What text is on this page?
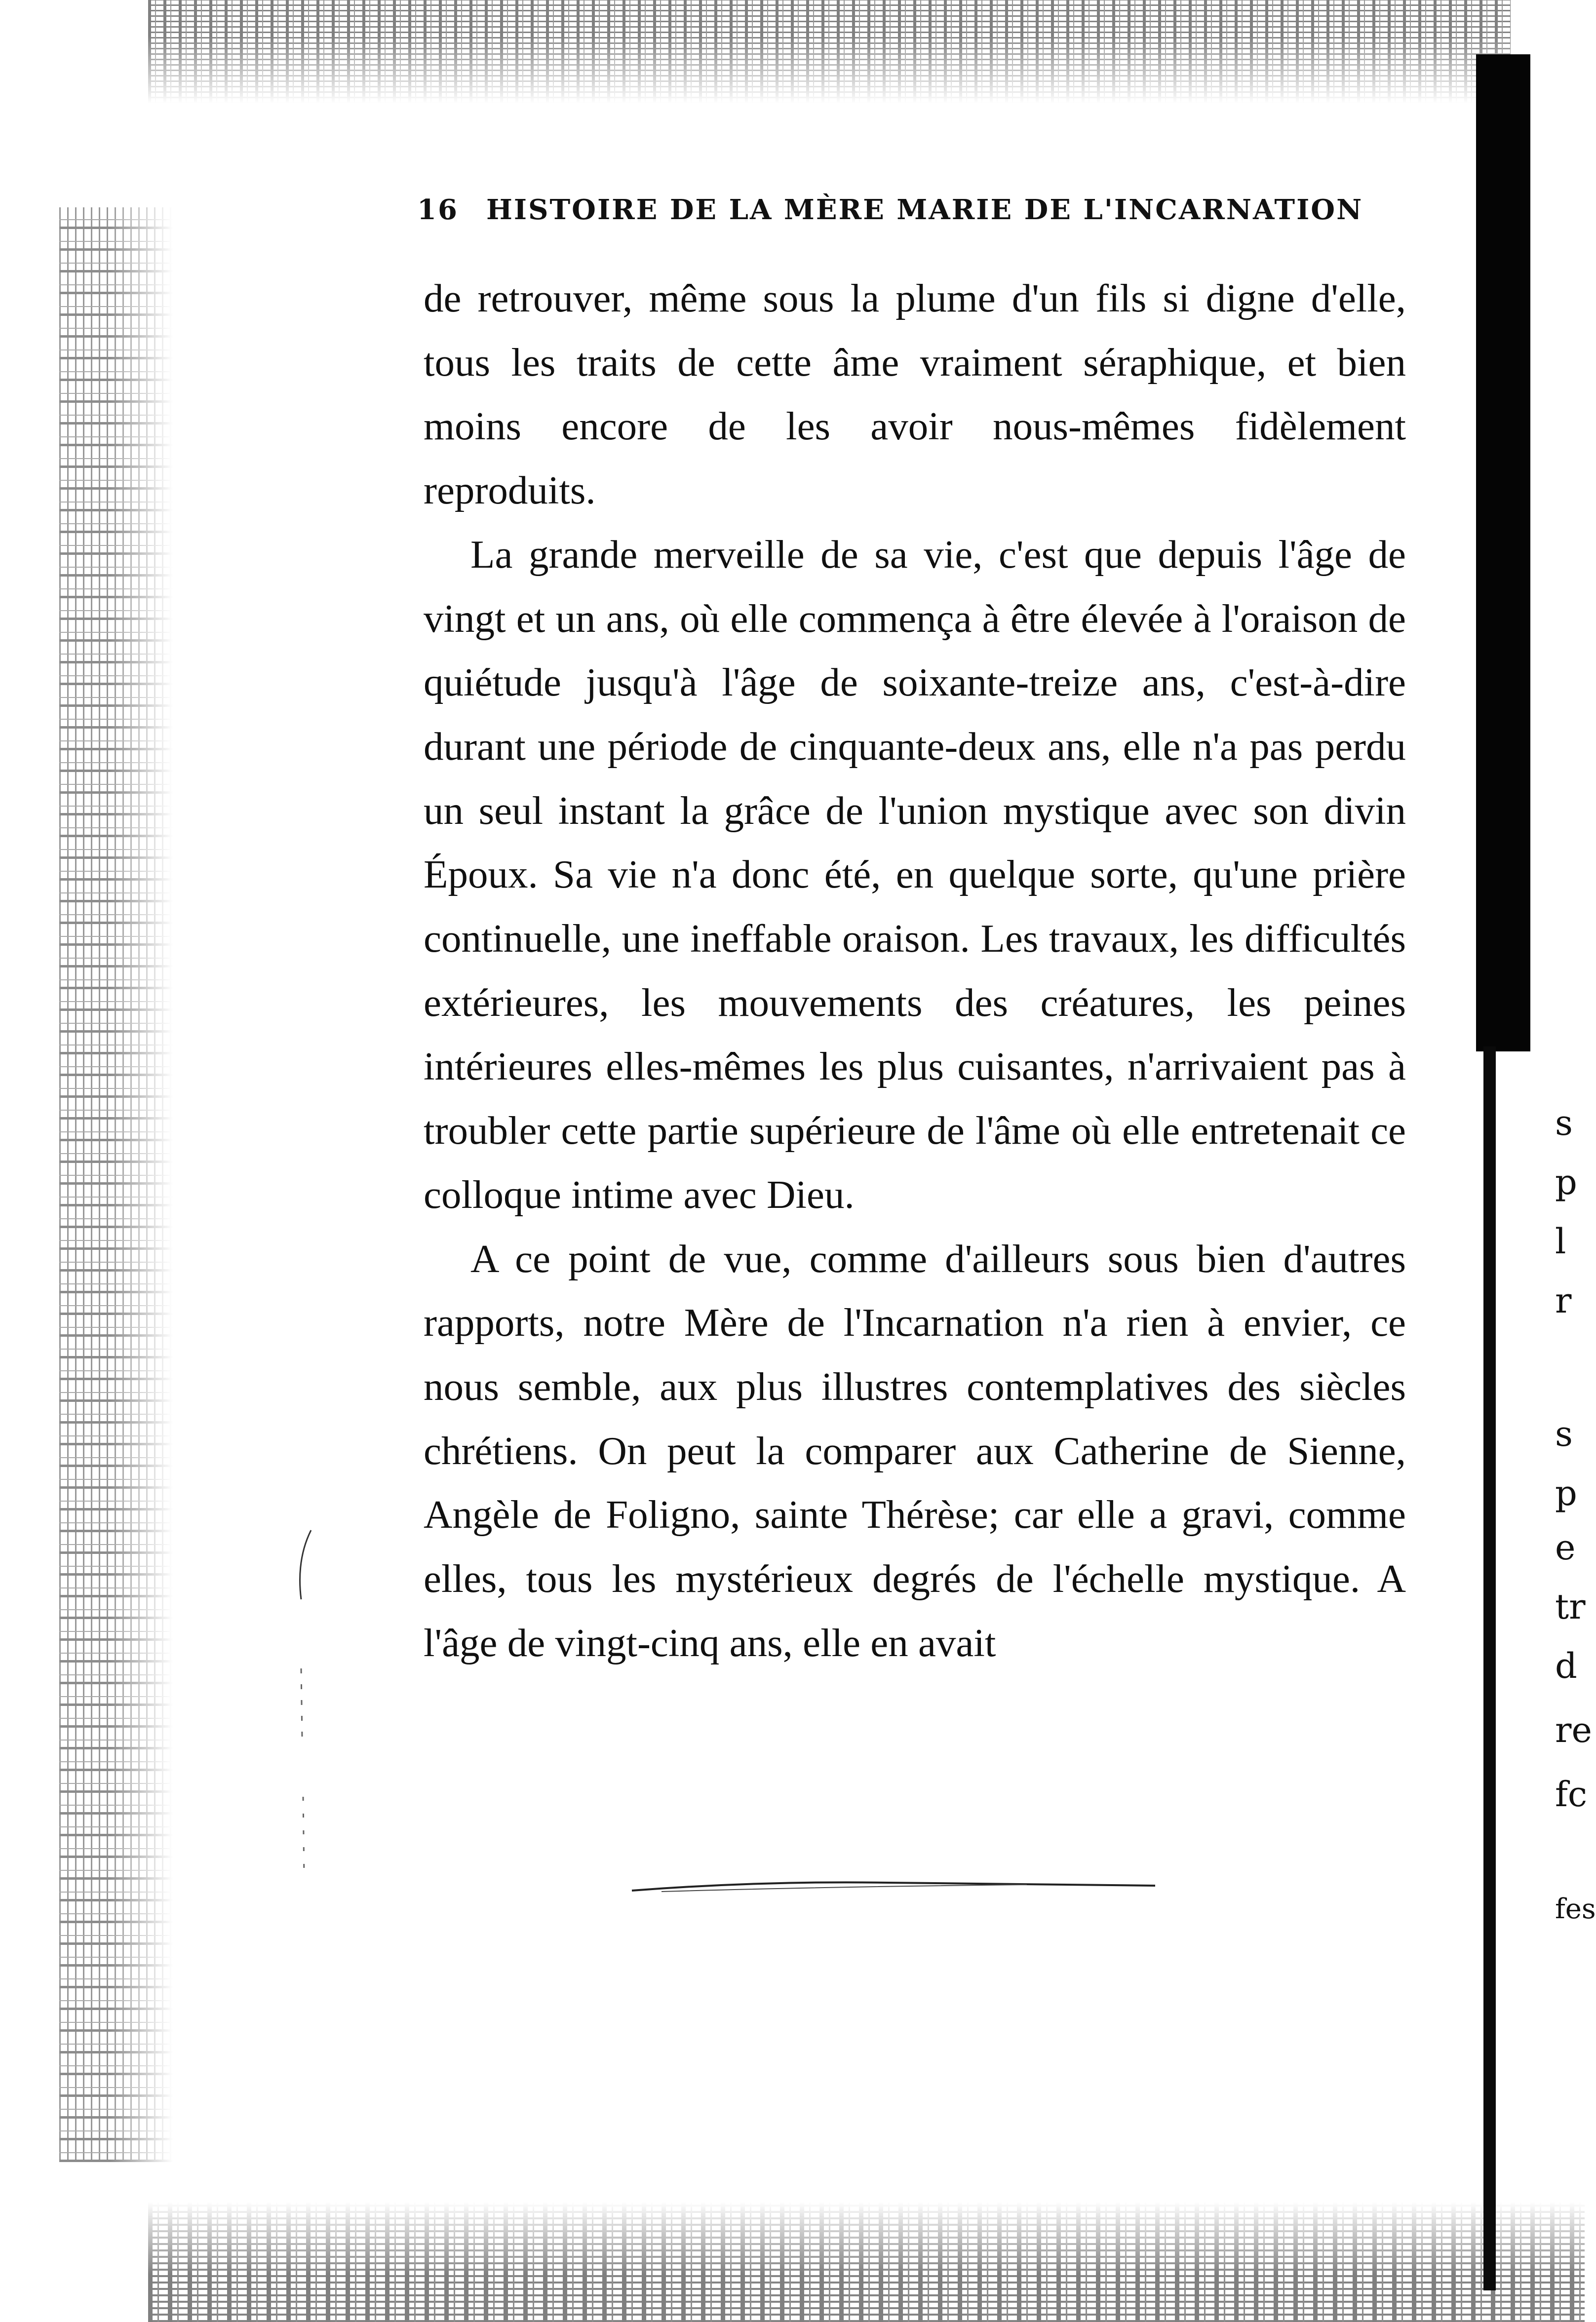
16 HISTOIRE DE LA MÈRE MARIE DE L'INCARNATION

de retrouver, même sous la plume d'un fils si digne d'elle, tous les traits de cette âme vraiment séraphique, et bien moins encore de les avoir nous-mêmes fidèlement reproduits.

La grande merveille de sa vie, c'est que depuis l'âge de vingt et un ans, où elle commença à être élevée à l'oraison de quiétude jusqu'à l'âge de soixante-treize ans, c'est-à-dire durant une période de cinquante-deux ans, elle n'a pas perdu un seul instant la grâce de l'union mystique avec son divin Époux. Sa vie n'a donc été, en quelque sorte, qu'une prière continuelle, une ineffable oraison. Les travaux, les difficultés extérieures, les mouvements des créatures, les peines intérieures elles-mêmes les plus cuisantes, n'arrivaient pas à troubler cette partie supérieure de l'âme où elle entretenait ce colloque intime avec Dieu.

A ce point de vue, comme d'ailleurs sous bien d'autres rapports, notre Mère de l'Incarnation n'a rien à envier, ce nous semble, aux plus illustres contemplatives des siècles chrétiens. On peut la comparer aux Catherine de Sienne, Angèle de Foligno, sainte Thérèse; car elle a gravi, comme elles, tous les mystérieux degrés de l'échelle mystique. A l'âge de vingt-cinq ans, elle en avait

s
p
l
r
s
p
e
tr
d
re
fc
fes
